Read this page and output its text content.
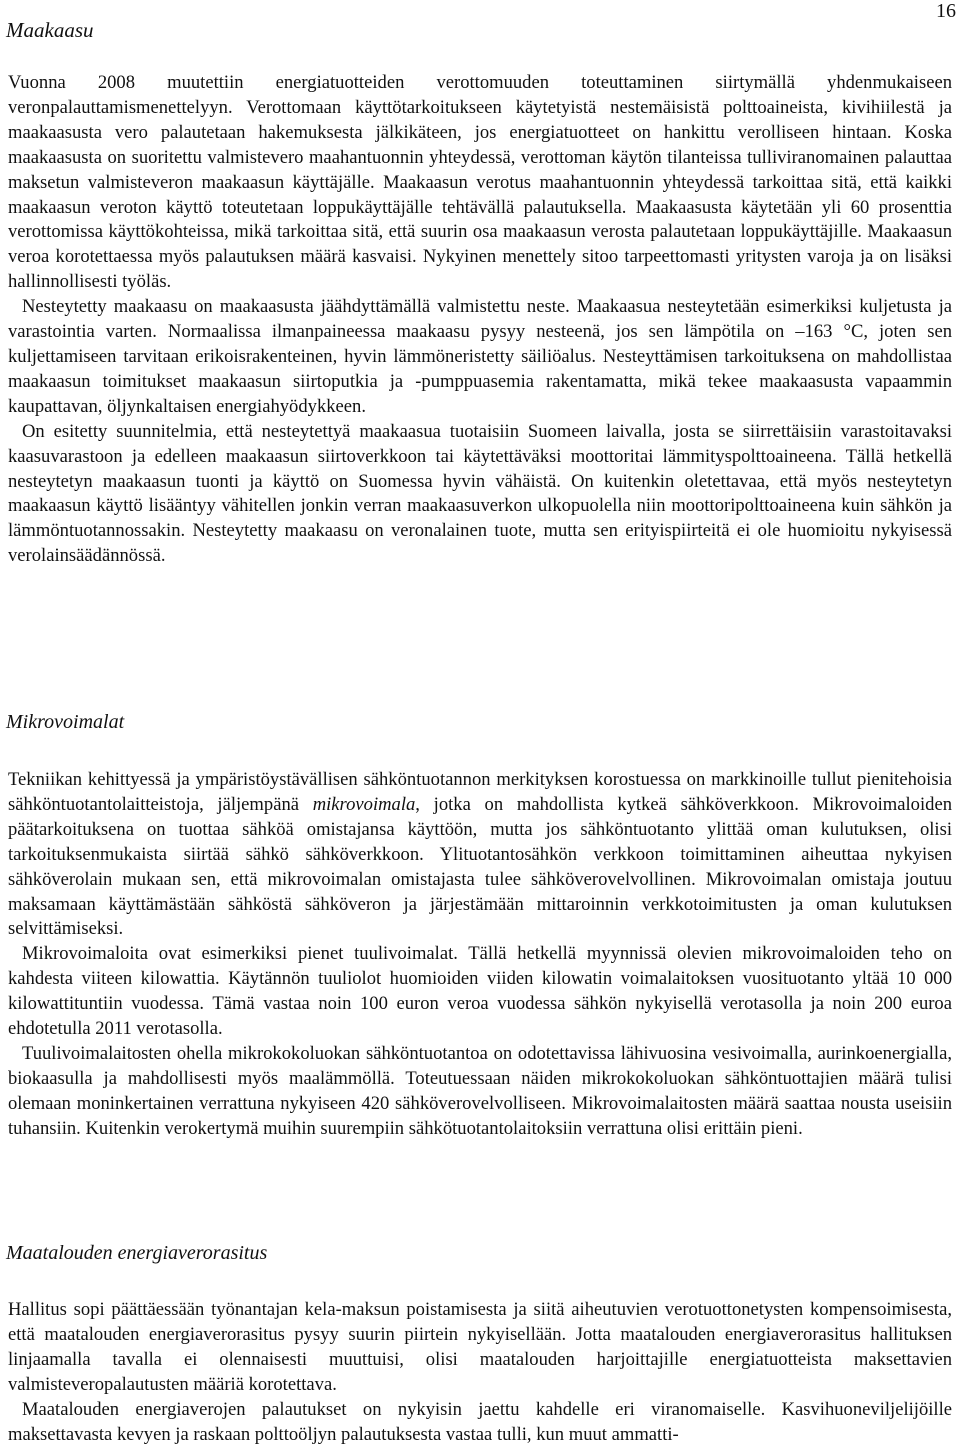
Maakaasu
16

Vuonna 2008 muutettiin energiatuotteiden verottomuuden toteuttaminen siirtymällä yhdenmukaiseen veronpalauttamismenettelyyn. Verottomaan käyttötarkoitukseen käytetyistä nestemäisistä polttoaineista, kivihiilestä ja maakaasusta vero palautetaan hakemuksesta jälkikäteen, jos energiatuotteet on hankittu verolliseen hintaan. Koska maakaasusta on suoritettu valmistevero maahantuonnin yhteydessä, verottoman käytön tilanteissa tulliviranomainen palauttaa maksetun valmisteveron maakaasun käyttäjälle. Maakaasun verotus maahantuonnin yhteydessä tarkoittaa sitä, että kaikki maakaasun veroton käyttö toteutetaan loppukäyttäjälle tehtävällä palautuksella. Maakaasusta käytetään yli 60 prosenttia verottomissa käyttökohteissa, mikä tarkoittaa sitä, että suurin osa maakaasun verosta palautetaan loppukäyttäjille. Maakaasun veroa korotettaessa myös palautuksen määrä kasvaisi. Nykyinen menettely sitoo tarpeettomasti yritysten varoja ja on lisäksi hallinnollisesti työläs.

Nesteytetty maakaasu on maakaasusta jäähdyttämällä valmistettu neste. Maakaasua nesteytetään esimerkiksi kuljetusta ja varastointia varten. Normaalissa ilmanpaineessa maakaasu pysyy nesteenä, jos sen lämpötila on –163 °C, joten sen kuljettamiseen tarvitaan erikoisrakenteinen, hyvin lämmöneristetty säiliöalus. Nesteyttämisen tarkoituksena on mahdollistaa maakaasun toimitukset maakaasun siirtoputkia ja -pumppuasemia rakentamatta, mikä tekee maakaasusta vapaammin kaupattavan, öljynkaltaisen energiahyödykkeen.

On esitetty suunnitelmia, että nesteytettyä maakaasua tuotaisiin Suomeen laivalla, josta se siirrettäisiin varastoitavaksi kaasuvarastoon ja edelleen maakaasun siirtoverkkoon tai käytettäväksi moottoritai lämmityspolttoaineena. Tällä hetkellä nesteytetyn maakaasun tuonti ja käyttö on Suomessa hyvin vähäistä. On kuitenkin oletettavaa, että myös nesteytetyn maakaasun käyttö lisääntyy vähitellen jonkin verran maakaasuverkon ulkopuolella niin moottoripolttoaineena kuin sähkön ja lämmöntuotannossakin. Nesteytetty maakaasu on veronalainen tuote, mutta sen erityispiirteitä ei ole huomioitu nykyisessä verolainsäädännössä.

Mikrovoimalat

Tekniikan kehittyessä ja ympäristöystävällisen sähköntuotannon merkityksen korostuessa on markkinoille tullut pienitehoisia sähköntuotantolaitteistoja, jäljempänä mikrovoimala, jotka on mahdollista kytkeä sähköverkkoon. Mikrovoimaloiden päätarkoituksena on tuottaa sähköä omistajansa käyttöön, mutta jos sähköntuotanto ylittää oman kulutuksen, olisi tarkoituksenmukaista siirtää sähkö sähköverkkoon. Ylituotantosähkön verkkoon toimittaminen aiheuttaa nykyisen sähköverolain mukaan sen, että mikrovoimalan omistajasta tulee sähköverovelvollinen. Mikrovoimalan omistaja joutuu maksamaan käyttämästään sähköstä sähköveron ja järjestämään mittaroinnin verkkotoimitusten ja oman kulutuksen selvittämiseksi.

Mikrovoimaloita ovat esimerkiksi pienet tuulivoimalat. Tällä hetkellä myynnissä olevien mikrovoimaloiden teho on kahdesta viiteen kilowattia. Käytännön tuuliolot huomioiden viiden kilowatin voimalaitoksen vuosituotanto yltää 10 000 kilowattituntiin vuodessa. Tämä vastaa noin 100 euron veroa vuodessa sähkön nykyisellä verotasolla ja noin 200 euroa ehdotetulla 2011 verotasolla.

Tuulivoimalaitosten ohella mikrokokoluokan sähköntuotantoa on odotettavissa lähivuosina vesivoimalla, aurinkoenergialla, biokaasulla ja mahdollisesti myös maalämmöllä. Toteutuessaan näiden mikrokokoluokan sähköntuottajien määrä tulisi olemaan moninkertainen verrattuna nykyiseen 420 sähköverovelvolliseen. Mikrovoimalaitosten määrä saattaa nousta useisiin tuhansiin. Kuitenkin verokertymä muihin suurempiin sähkötuotantolaitoksiin verrattuna olisi erittäin pieni.

Maatalouden energiaverorasitus

Hallitus sopi päättäessään työnantajan kela-maksun poistamisesta ja siitä aiheutuvien verotuottonetysten kompensoimisesta, että maatalouden energiaverorasitus pysyy suurin piirtein nykyisellään. Jotta maatalouden energiaverorasitus hallituksen linjaamalla tavalla ei olennaisesti muuttuisi, olisi maatalouden harjoittajille energiatuotteista maksettavien valmisteveropalautusten määriä korotettava.

Maatalouden energiaverojen palautukset on nykyisin jaettu kahdelle eri viranomaiselle. Kasvihuoneviljelijöille maksettavasta kevyen ja raskaan polttoöljyn palautuksesta vastaa tulli, kun muut ammatti-
